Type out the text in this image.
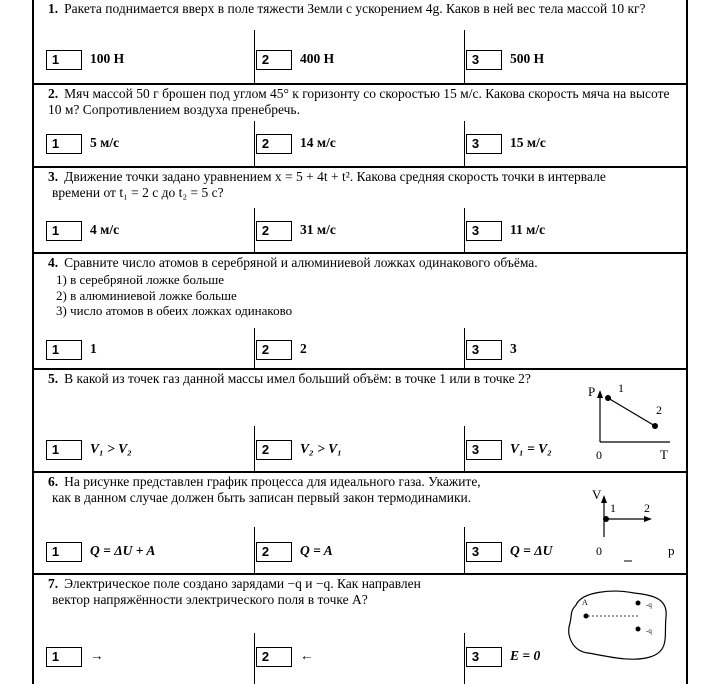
1. Ракета поднимается вверх в поле тяжести Земли с ускорением 4g. Каков в ней вес тела массой 10 кг?
1	100 Н	2	400 Н	3	500 Н
2. Мяч массой 50 г брошен под углом 45° к горизонту со скоростью 15 м/с. Какова скорость мяча на высоте 10 м? Сопротивлением воздуха пренебречь.
1	5 м/с	2	14 м/с	3	15 м/с
3. Движение точки задано уравнением x = 5 + 4t + t². Какова средняя скорость точки в интервале
времени от t₁ = 2 с до t₂ = 5 с?
1	4 м/с	2	31 м/с	3	11 м/с
4. Сравните число атомов в серебряной и алюминиевой ложках одинакового объёма.
1) в серебряной ложке больше
2) в алюминиевой ложке больше
3) число атомов в обеих ложках одинаково
1	1	2	2	3	3
5. В какой из точек газ данной массы имел больший объём: в точке 1 или в точке 2?
P
0	T
1
2
1	V₁ > V₂	2	V₂ > V₁	3	V₁ = V₂
6. На рисунке представлен график процесса для идеального газа. Укажите,
как в данном случае должен быть записан первый закон термодинамики.	V
1 2
0	p
1	Q = ΔU + A	2	Q = A	3	Q = ΔU
7. Электрическое поле создано зарядами −q и −q. Как направлен
вектор напряжённости электрического поля в точке А?	A	-q
-q
1	→	2	←	3	E = 0
